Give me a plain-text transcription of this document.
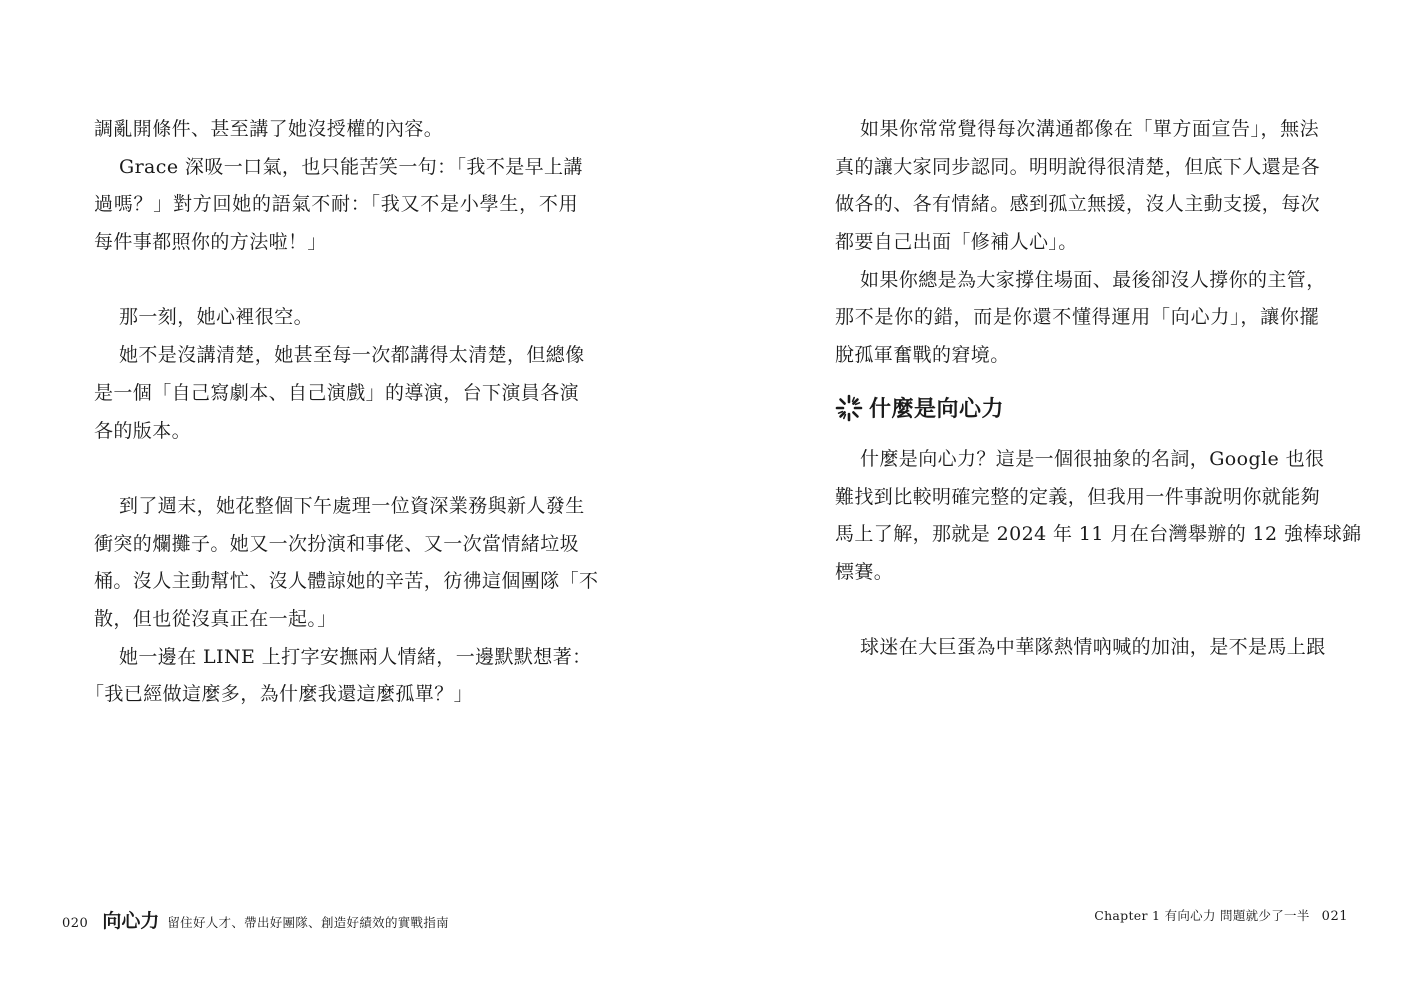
調亂開條件、甚至講了她沒授權的內容。
Grace 深吸一口氣，也只能苦笑一句：「我不是早上講
過嗎？」對方回她的語氣不耐：「我又不是小學生，不用
每件事都照你的方法啦！」
那一刻，她心裡很空。
她不是沒講清楚，她甚至每一次都講得太清楚，但總像
是一個「自己寫劇本、自己演戲」的導演，台下演員各演
各的版本。
到了週末，她花整個下午處理一位資深業務與新人發生
衝突的爛攤子。她又一次扮演和事佬、又一次當情緒垃圾
桶。沒人主動幫忙、沒人體諒她的辛苦，彷彿這個團隊「不
散，但也從沒真正在一起。」
她一邊在 LINE 上打字安撫兩人情緒，一邊默默想著：
「我已經做這麼多，為什麼我還這麼孤單？」
020 向心力 留住好人才、帶出好團隊、創造好績效的實戰指南
如果你常常覺得每次溝通都像在「單方面宣告」，無法
真的讓大家同步認同。明明說得很清楚，但底下人還是各
做各的、各有情緒。感到孤立無援，沒人主動支援，每次
都要自己出面「修補人心」。
如果你總是為大家撐住場面、最後卻沒人撐你的主管，
那不是你的錯，而是你還不懂得運用「向心力」，讓你擺
脫孤軍奮戰的窘境。
什麼是向心力
什麼是向心力？這是一個很抽象的名詞，Google 也很
難找到比較明確完整的定義，但我用一件事說明你就能夠
馬上了解，那就是 2024 年 11 月在台灣舉辦的 12 強棒球錦
標賽。
球迷在大巨蛋為中華隊熱情吶喊的加油，是不是馬上跟
Chapter 1 有向心力 問題就少了一半 021
